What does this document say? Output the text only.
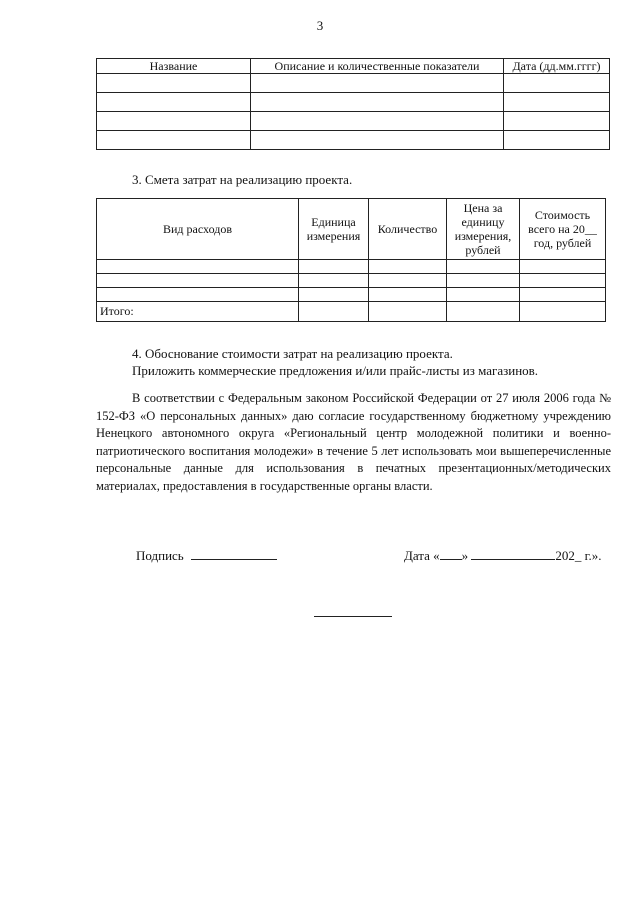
3
Название	Описание и количественные показатели	Дата (дд.мм.гггг)

3. Смета затрат на реализацию проекта.
Вид расходов	Единица измерения	Количество	Цена за единицу измерения, рублей	Стоимость всего на 20__ год, рублей

Итого:				
4. Обоснование стоимости затрат на реализацию проекта.
Приложить коммерческие предложения и/или прайс-листы из магазинов.
В соответствии с Федеральным законом Российской Федерации от 27 июля 2006 года № 152-ФЗ «О персональных данных» даю согласие государственному бюджетному учреждению Ненецкого автономного округа «Региональный центр молодежной политики и военно-патриотического воспитания молодежи» в течение 5 лет использовать мои вышеперечисленные персональные данные для использования в печатных презентационных/методических материалах, предоставления в государственные органы власти.
Подпись	Дата « »	202_ г.».
